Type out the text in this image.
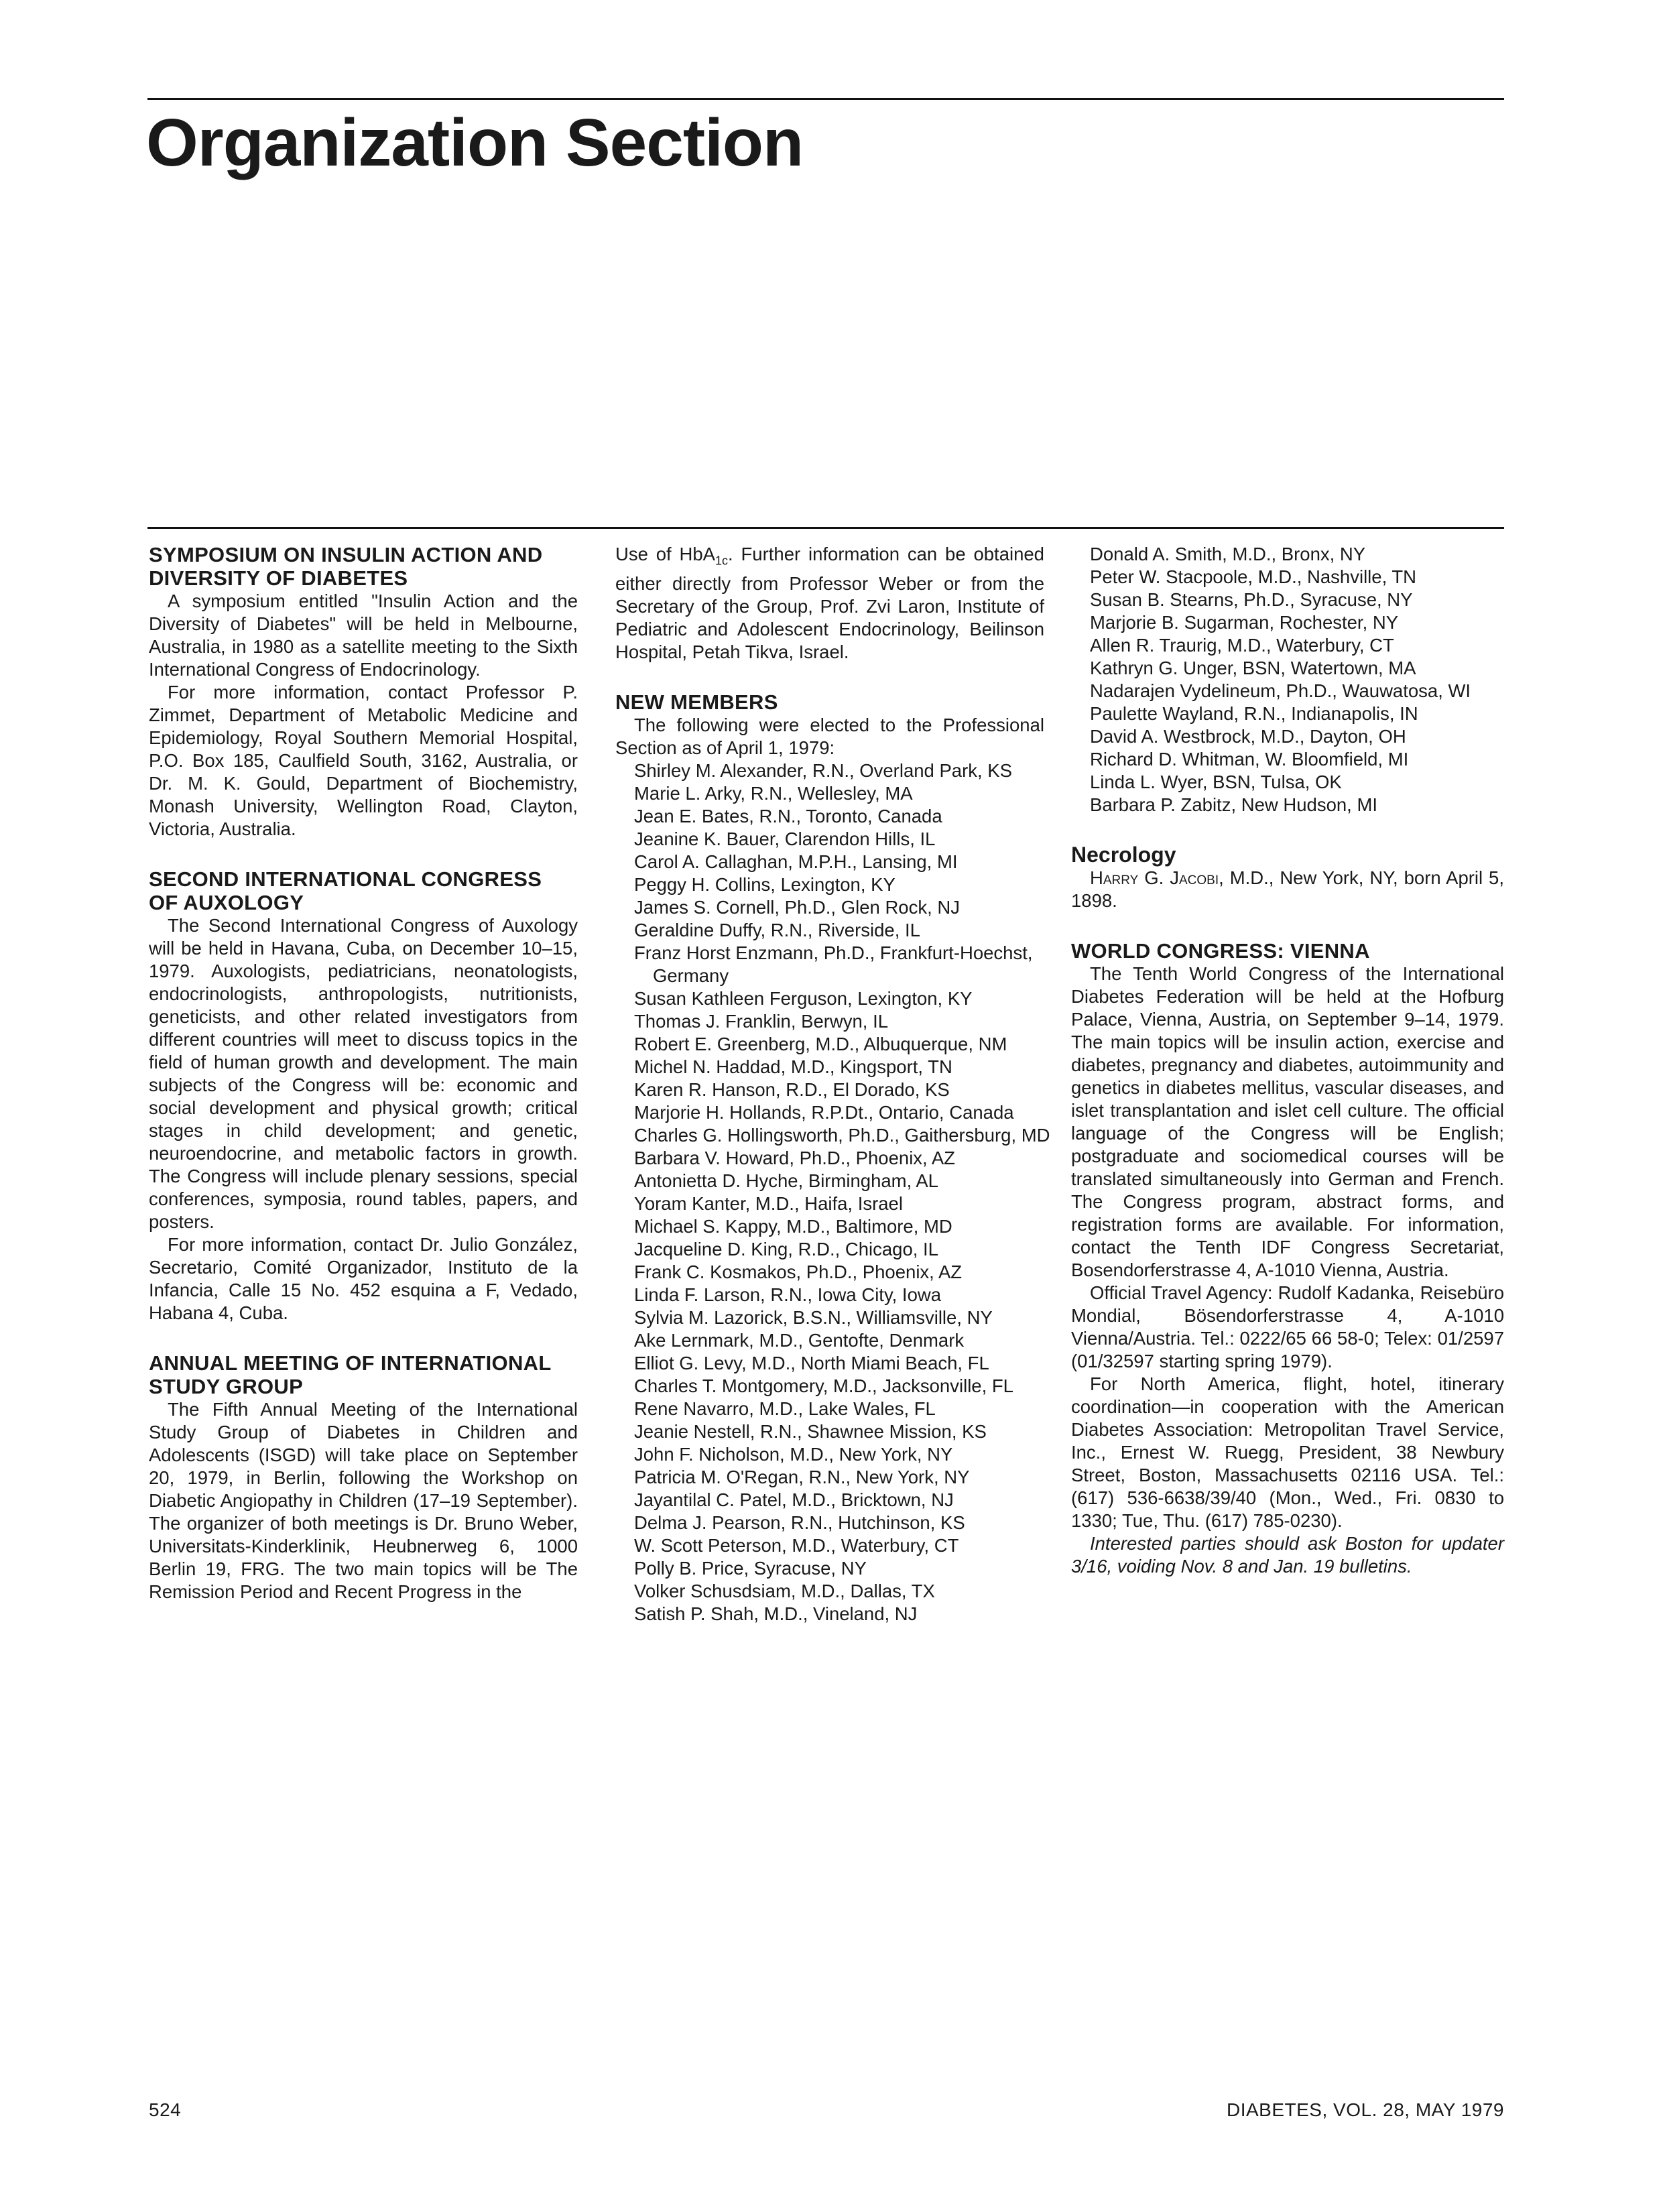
Organization Section
SYMPOSIUM ON INSULIN ACTION AND
DIVERSITY OF DIABETES

A symposium entitled "Insulin Action and the Diversity of Diabetes" will be held in Melbourne, Australia, in 1980 as a satellite meeting to the Sixth International Congress of Endocrinology.

For more information, contact Professor P. Zimmet, Department of Metabolic Medicine and Epidemiology, Royal Southern Memorial Hospital, P.O. Box 185, Caulfield South, 3162, Australia, or Dr. M. K. Gould, Department of Biochemistry, Monash University, Wellington Road, Clayton, Victoria, Australia.

SECOND INTERNATIONAL CONGRESS
OF AUXOLOGY

The Second International Congress of Auxology will be held in Havana, Cuba, on December 10–15, 1979. Auxologists, pediatricians, neonatologists, endocrinologists, anthropologists, nutritionists, geneticists, and other related investigators from different countries will meet to discuss topics in the field of human growth and development. The main subjects of the Congress will be: economic and social development and physical growth; critical stages in child development; and genetic, neuroendocrine, and metabolic factors in growth. The Congress will include plenary sessions, special conferences, symposia, round tables, papers, and posters.

For more information, contact Dr. Julio González, Secretario, Comité Organizador, Instituto de la Infancia, Calle 15 No. 452 esquina a F, Vedado, Habana 4, Cuba.

ANNUAL MEETING OF INTERNATIONAL
STUDY GROUP

The Fifth Annual Meeting of the International Study Group of Diabetes in Children and Adolescents (ISGD) will take place on September 20, 1979, in Berlin, following the Workshop on Diabetic Angiopathy in Children (17–19 September). The organizer of both meetings is Dr. Bruno Weber, Universitats-Kinderklinik, Heubnerweg 6, 1000 Berlin 19, FRG. The two main topics will be The Remission Period and Recent Progress in the

Use of HbA$_{1c}$. Further information can be obtained either directly from Professor Weber or from the Secretary of the Group, Prof. Zvi Laron, Institute of Pediatric and Adolescent Endocrinology, Beilinson Hospital, Petah Tikva, Israel.

NEW MEMBERS

The following were elected to the Professional Section as of April 1, 1979:

Shirley M. Alexander, R.N., Overland Park, KS
Marie L. Arky, R.N., Wellesley, MA
Jean E. Bates, R.N., Toronto, Canada
Jeanine K. Bauer, Clarendon Hills, IL
Carol A. Callaghan, M.P.H., Lansing, MI
Peggy H. Collins, Lexington, KY
James S. Cornell, Ph.D., Glen Rock, NJ
Geraldine Duffy, R.N., Riverside, IL
Franz Horst Enzmann, Ph.D., Frankfurt-Hoechst,
Germany
Susan Kathleen Ferguson, Lexington, KY
Thomas J. Franklin, Berwyn, IL
Robert E. Greenberg, M.D., Albuquerque, NM
Michel N. Haddad, M.D., Kingsport, TN
Karen R. Hanson, R.D., El Dorado, KS
Marjorie H. Hollands, R.P.Dt., Ontario, Canada
Charles G. Hollingsworth, Ph.D., Gaithersburg, MD
Barbara V. Howard, Ph.D., Phoenix, AZ
Antonietta D. Hyche, Birmingham, AL
Yoram Kanter, M.D., Haifa, Israel
Michael S. Kappy, M.D., Baltimore, MD
Jacqueline D. King, R.D., Chicago, IL
Frank C. Kosmakos, Ph.D., Phoenix, AZ
Linda F. Larson, R.N., Iowa City, Iowa
Sylvia M. Lazorick, B.S.N., Williamsville, NY
Ake Lernmark, M.D., Gentofte, Denmark
Elliot G. Levy, M.D., North Miami Beach, FL
Charles T. Montgomery, M.D., Jacksonville, FL
Rene Navarro, M.D., Lake Wales, FL
Jeanie Nestell, R.N., Shawnee Mission, KS
John F. Nicholson, M.D., New York, NY
Patricia M. O'Regan, R.N., New York, NY
Jayantilal C. Patel, M.D., Bricktown, NJ
Delma J. Pearson, R.N., Hutchinson, KS
W. Scott Peterson, M.D., Waterbury, CT
Polly B. Price, Syracuse, NY
Volker Schusdsiam, M.D., Dallas, TX
Satish P. Shah, M.D., Vineland, NJ
Donald A. Smith, M.D., Bronx, NY
Peter W. Stacpoole, M.D., Nashville, TN
Susan B. Stearns, Ph.D., Syracuse, NY
Marjorie B. Sugarman, Rochester, NY
Allen R. Traurig, M.D., Waterbury, CT
Kathryn G. Unger, BSN, Watertown, MA
Nadarajen Vydelineum, Ph.D., Wauwatosa, WI
Paulette Wayland, R.N., Indianapolis, IN
David A. Westbrock, M.D., Dayton, OH
Richard D. Whitman, W. Bloomfield, MI
Linda L. Wyer, BSN, Tulsa, OK
Barbara P. Zabitz, New Hudson, MI
Necrology

Harry G. Jacobi, M.D., New York, NY, born April 5, 1898.

WORLD CONGRESS: VIENNA

The Tenth World Congress of the International Diabetes Federation will be held at the Hofburg Palace, Vienna, Austria, on September 9–14, 1979. The main topics will be insulin action, exercise and diabetes, pregnancy and diabetes, autoimmunity and genetics in diabetes mellitus, vascular diseases, and islet transplantation and islet cell culture. The official language of the Congress will be English; postgraduate and sociomedical courses will be translated simultaneously into German and French. The Congress program, abstract forms, and registration forms are available. For information, contact the Tenth IDF Congress Secretariat, Bosendorferstrasse 4, A-1010 Vienna, Austria.

Official Travel Agency: Rudolf Kadanka, Reisebüro Mondial, Bösendorferstrasse 4, A-1010 Vienna/Austria. Tel.: 0222/65 66 58-0; Telex: 01/2597 (01/32597 starting spring 1979).

For North America, flight, hotel, itinerary coordination—in cooperation with the American Diabetes Association: Metropolitan Travel Service, Inc., Ernest W. Ruegg, President, 38 Newbury Street, Boston, Massachusetts 02116 USA. Tel.: (617) 536-6638/39/40 (Mon., Wed., Fri. 0830 to 1330; Tue, Thu. (617) 785-0230).

Interested parties should ask Boston for updater 3/16, voiding Nov. 8 and Jan. 19 bulletins.

524	DIABETES, VOL. 28, MAY 1979
